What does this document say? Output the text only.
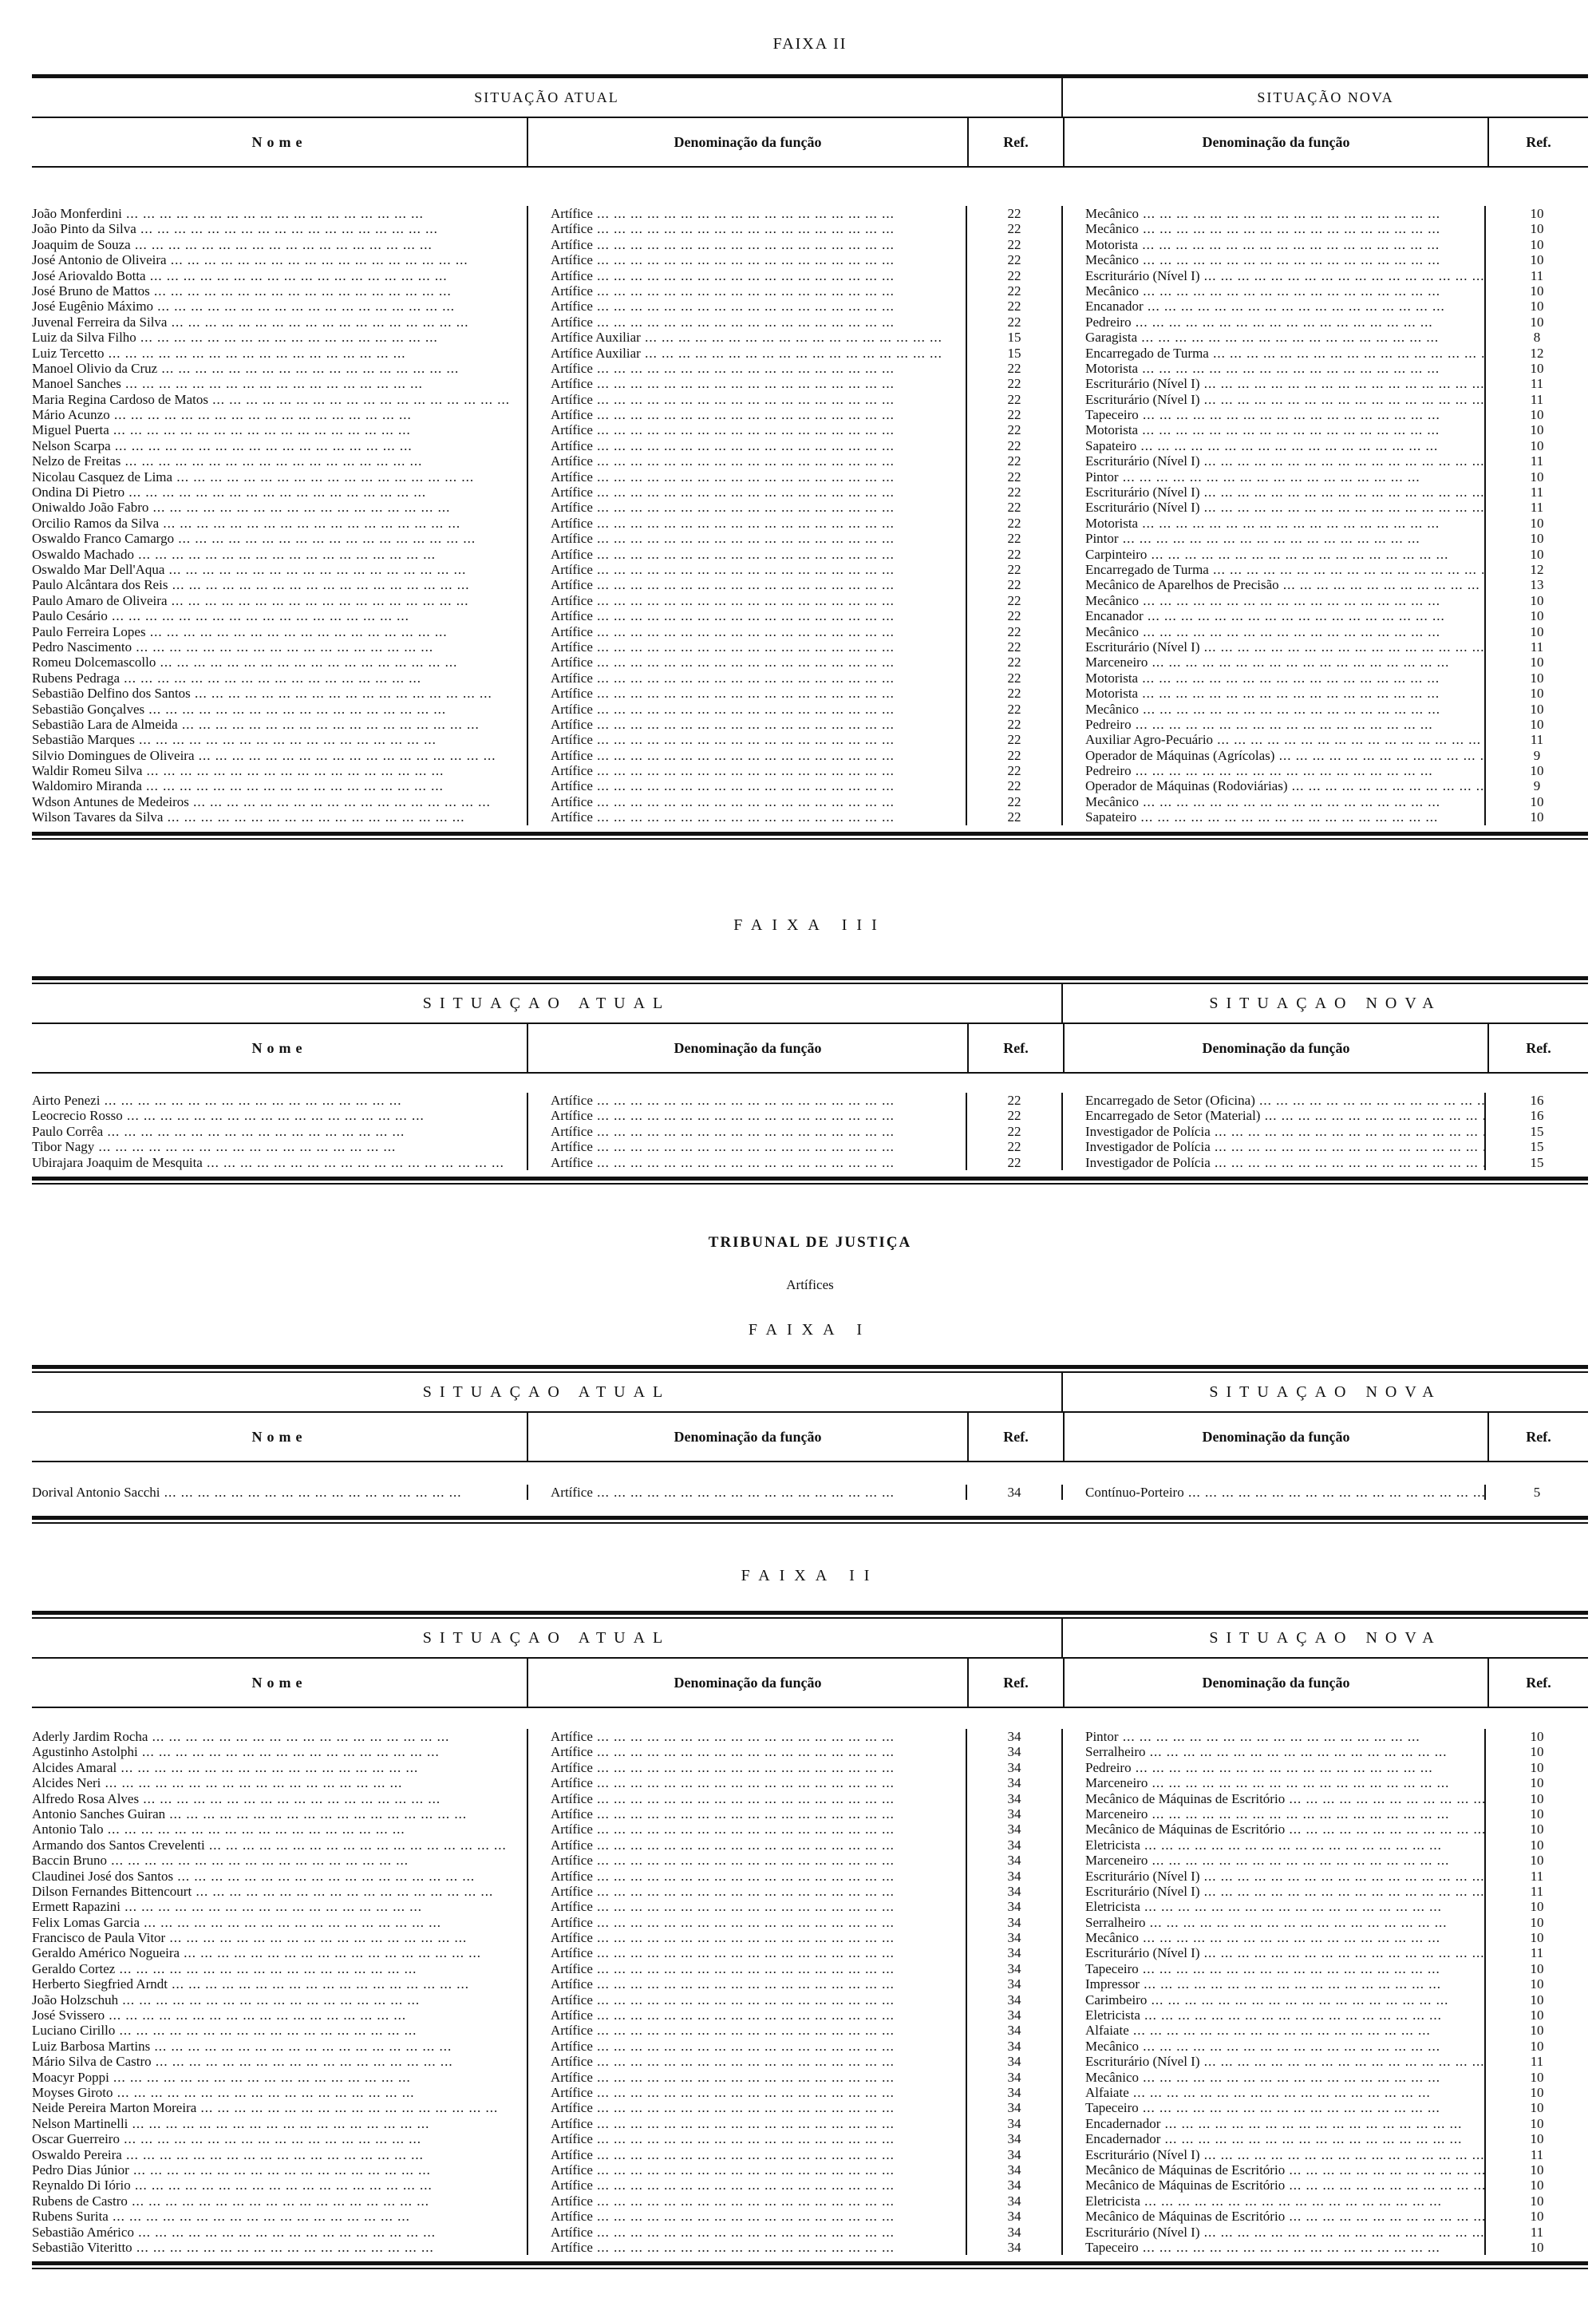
FAIXA II
SITUAÇÃO ATUAL	SITUAÇÃO NOVA
Nome	Denominação da função	Ref.	Denominação da função	Ref.
João Monferdini ... .	Artífice ... .	22	Mecânico ... .	10
João Pinto da Silva ... .	Artífice ... .	22	Mecânico ... .	10
Joaquim de Souza ... .	Artífice ... .	22	Motorista ... .	10
José Antonio de Oliveira ... .	Artífice ... .	22	Mecânico ... .	10
José Ariovaldo Botta ... .	Artífice ... .	22	Escriturário (Nível I) ... .	11
José Bruno de Mattos ... .	Artífice ... .	22	Mecânico ... .	10
José Eugênio Máximo ... .	Artífice ... .	22	Encanador ... .	10
Juvenal Ferreira da Silva ... .	Artífice ... .	22	Pedreiro ... .	10
Luiz da Silva Filho ... .	Artífice Auxiliar ... .	15	Garagista ... .	8
Luiz Tercetto ... .	Artífice Auxiliar ... .	15	Encarregado de Turma ... .	12
Manoel Olivio da Cruz ... .	Artífice ... .	22	Motorista ... .	10
Manoel Sanches ... .	Artífice ... .	22	Escriturário (Nível I) ... .	11
Maria Regina Cardoso de Matos ... .	Artífice ... .	22	Escriturário (Nível I) ... .	11
Mário Acunzo ... .	Artífice ... .	22	Tapeceiro ... .	10
Miguel Puerta ... .	Artífice ... .	22	Motorista ... .	10
Nelson Scarpa ... .	Artífice ... .	22	Sapateiro ... .	10
Nelzo de Freitas ... .	Artífice ... .	22	Escriturário (Nível I) ... .	11
Nicolau Casquez de Lima ... .	Artífice ... .	22	Pintor ... .	10
Ondina Di Pietro ... .	Artífice ... .	22	Escriturário (Nível I) ... .	11
Oniwaldo João Fabro ... .	Artífice ... .	22	Escriturário (Nível I) ... .	11
Orcilio Ramos da Silva ... .	Artífice ... .	22	Motorista ... .	10
Oswaldo Franco Camargo ... .	Artífice ... .	22	Pintor ... .	10
Oswaldo Machado ... .	Artífice ... .	22	Carpinteiro ... .	10
Oswaldo Mar Dell'Aqua ... .	Artífice ... .	22	Encarregado de Turma ... .	12
Paulo Alcântara dos Reis ... .	Artífice ... .	22	Mecânico de Aparelhos de Precisão ... .	13
Paulo Amaro de Oliveira ... .	Artífice ... .	22	Mecânico ... .	10
Paulo Cesário ... .	Artífice ... .	22	Encanador ... .	10
Paulo Ferreira Lopes ... .	Artífice ... .	22	Mecânico ... .	10
Pedro Nascimento ... .	Artífice ... .	22	Escriturário (Nível I) ... .	11
Romeu Dolcemascollo ... .	Artífice ... .	22	Marceneiro ... .	10
Rubens Pedraga ... .	Artífice ... .	22	Motorista ... .	10
Sebastião Delfino dos Santos ... .	Artífice ... .	22	Motorista ... .	10
Sebastião Gonçalves ... .	Artífice ... .	22	Mecânico ... .	10
Sebastião Lara de Almeida ... .	Artífice ... .	22	Pedreiro ... .	10
Sebastião Marques ... .	Artífice ... .	22	Auxiliar Agro-Pecuário ... .	11
Silvio Domingues de Oliveira ... .	Artífice ... .	22	Operador de Máquinas (Agrícolas) ... .	9
Waldir Romeu Silva ... .	Artífice ... .	22	Pedreiro ... .	10
Waldomiro Miranda ... .	Artífice ... .	22	Operador de Máquinas (Rodoviárias) ... .	9
Wdson Antunes de Medeiros ... .	Artífice ... .	22	Mecânico ... .	10
Wilson Tavares da Silva ... .	Artífice ... .	22	Sapateiro ... .	10
FAIXA III
SITUAÇAO ATUAL	SITUAÇAO NOVA
Nome	Denominação da função	Ref.	Denominação da função	Ref.
Airto Penezi ... .	Artífice ... .	22	Encarregado de Setor (Oficina) ... .	16
Leocrecio Rosso ... .	Artífice ... .	22	Encarregado de Setor (Material) ... .	16
Paulo Corrêa ... .	Artífice ... .	22	Investigador de Polícia ... .	15
Tibor Nagy ... .	Artífice ... .	22	Investigador de Polícia ... .	15
Ubirajara Joaquim de Mesquita ... .	Artífice ... .	22	Investigador de Polícia ... .	15
TRIBUNAL DE JUSTIÇA
Artífices
FAIXA I
SITUAÇAO ATUAL	SITUAÇAO NOVA
Nome	Denominação da função	Ref.	Denominação da função	Ref.
Dorival Antonio Sacchi ... .	Artífice ... .	34	Contínuo-Porteiro ... .	5
FAIXA II
SITUAÇAO ATUAL	SITUAÇAO NOVA
Nome	Denominação da função	Ref.	Denominação da função	Ref.
Aderly Jardim Rocha ... .	Artífice ... .	34	Pintor ... .	10
Agustinho Astolphi ... .	Artífice ... .	34	Serralheiro ... .	10
Alcides Amaral ... .	Artífice ... .	34	Pedreiro ... .	10
Alcides Neri ... .	Artífice ... .	34	Marceneiro ... .	10
Alfredo Rosa Alves ... .	Artífice ... .	34	Mecânico de Máquinas de Escritório ... .	10
Antonio Sanches Guiran ... .	Artífice ... .	34	Marceneiro ... .	10
Antonio Talo ... .	Artífice ... .	34	Mecânico de Máquinas de Escritório ... .	10
Armando dos Santos Crevelenti ... .	Artífice ... .	34	Eletricista ... .	10
Baccin Bruno ... .	Artífice ... .	34	Marceneiro ... .	10
Claudinei José dos Santos ... .	Artífice ... .	34	Escriturário (Nível I) ... .	11
Dilson Fernandes Bittencourt ... .	Artífice ... .	34	Escriturário (Nível I) ... .	11
Ermett Rapazini ... .	Artífice ... .	34	Eletricista ... .	10
Felix Lomas Garcia ... .	Artífice ... .	34	Serralheiro ... .	10
Francisco de Paula Vitor ... .	Artífice ... .	34	Mecânico ... .	10
Geraldo Américo Nogueira ... .	Artífice ... .	34	Escriturário (Nível I) ... .	11
Geraldo Cortez ... .	Artífice ... .	34	Tapeceiro ... .	10
Herberto Siegfried Arndt ... .	Artífice ... .	34	Impressor ... .	10
João Holzschuh ... .	Artífice ... .	34	Carimbeiro ... .	10
José Svissero ... .	Artífice ... .	34	Eletricista ... .	10
Luciano Cirillo ... .	Artífice ... .	34	Alfaiate ... .	10
Luiz Barbosa Martins ... .	Artífice ... .	34	Mecânico ... .	10
Mário Silva de Castro ... .	Artífice ... .	34	Escriturário (Nível I) ... .	11
Moacyr Poppi ... .	Artífice ... .	34	Mecânico ... .	10
Moyses Giroto ... .	Artífice ... .	34	Alfaiate ... .	10
Neide Pereira Marton Moreira ... .	Artífice ... .	34	Tapeceiro ... .	10
Nelson Martinelli ... .	Artífice ... .	34	Encadernador ... .	10
Oscar Guerreiro ... .	Artífice ... .	34	Encadernador ... .	10
Oswaldo Pereira ... .	Artífice ... .	34	Escriturário (Nível I) ... .	11
Pedro Dias Júnior ... .	Artífice ... .	34	Mecânico de Máquinas de Escritório ... .	10
Reynaldo Di Iório ... .	Artífice ... .	34	Mecânico de Máquinas de Escritório ... .	10
Rubens de Castro ... .	Artífice ... .	34	Eletricista ... .	10
Rubens Surita ... .	Artífice ... .	34	Mecânico de Máquinas de Escritório ... .	10
Sebastião Américo ... .	Artífice ... .	34	Escriturário (Nível I) ... .	11
Sebastião Viteritto ... .	Artífice ... .	34	Tapeceiro ... .	10
